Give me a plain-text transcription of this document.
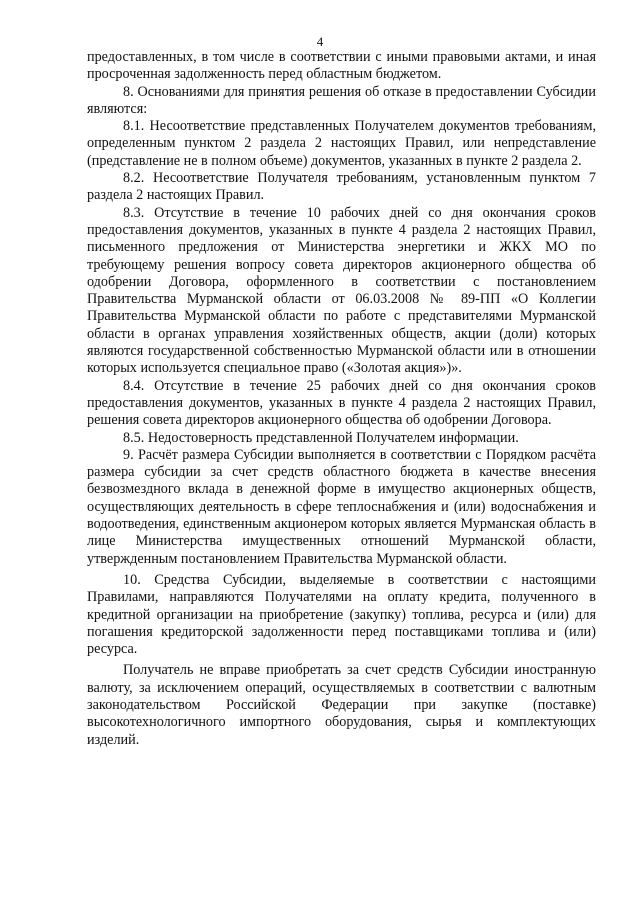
4

предоставленных, в том числе в соответствии с иными правовыми актами, и иная просроченная задолженность перед областным бюджетом.

8. Основаниями для принятия решения об отказе в предоставлении Субсидии являются:

8.1. Несоответствие представленных Получателем документов требованиям, определенным пунктом 2 раздела 2 настоящих Правил, или непредставление (представление не в полном объеме) документов, указанных в пункте 2 раздела 2.

8.2. Несоответствие Получателя требованиям, установленным пунктом 7 раздела 2 настоящих Правил.

8.3. Отсутствие в течение 10 рабочих дней со дня окончания сроков предоставления документов, указанных в пункте 4 раздела 2 настоящих Правил, письменного предложения от Министерства энергетики и ЖКХ МО по требующему решения вопросу совета директоров акционерного общества об одобрении Договора, оформленного в соответствии с постановлением Правительства Мурманской области от 06.03.2008 № 89-ПП «О Коллегии Правительства Мурманской области по работе с представителями Мурманской области в органах управления хозяйственных обществ, акции (доли) которых являются государственной собственностью Мурманской области или в отношении которых используется специальное право («Золотая акция»)».

8.4. Отсутствие в течение 25 рабочих дней со дня окончания сроков предоставления документов, указанных в пункте 4 раздела 2 настоящих Правил, решения совета директоров акционерного общества об одобрении Договора.

8.5. Недостоверность представленной Получателем информации.

9. Расчёт размера Субсидии выполняется в соответствии с Порядком расчёта размера субсидии за счет средств областного бюджета в качестве внесения безвозмездного вклада в денежной форме в имущество акционерных обществ, осуществляющих деятельность в сфере теплоснабжения и (или) водоснабжения и водоотведения, единственным акционером которых является Мурманская область в лице Министерства имущественных отношений Мурманской области, утвержденным постановлением Правительства Мурманской области.

10. Средства Субсидии, выделяемые в соответствии с настоящими Правилами, направляются Получателями на оплату кредита, полученного в кредитной организации на приобретение (закупку) топлива, ресурса и (или) для погашения кредиторской задолженности перед поставщиками топлива и (или) ресурса.

Получатель не вправе приобретать за счет средств Субсидии иностранную валюту, за исключением операций, осуществляемых в соответствии с валютным законодательством Российской Федерации при закупке (поставке) высокотехнологичного импортного оборудования, сырья и комплектующих изделий.
